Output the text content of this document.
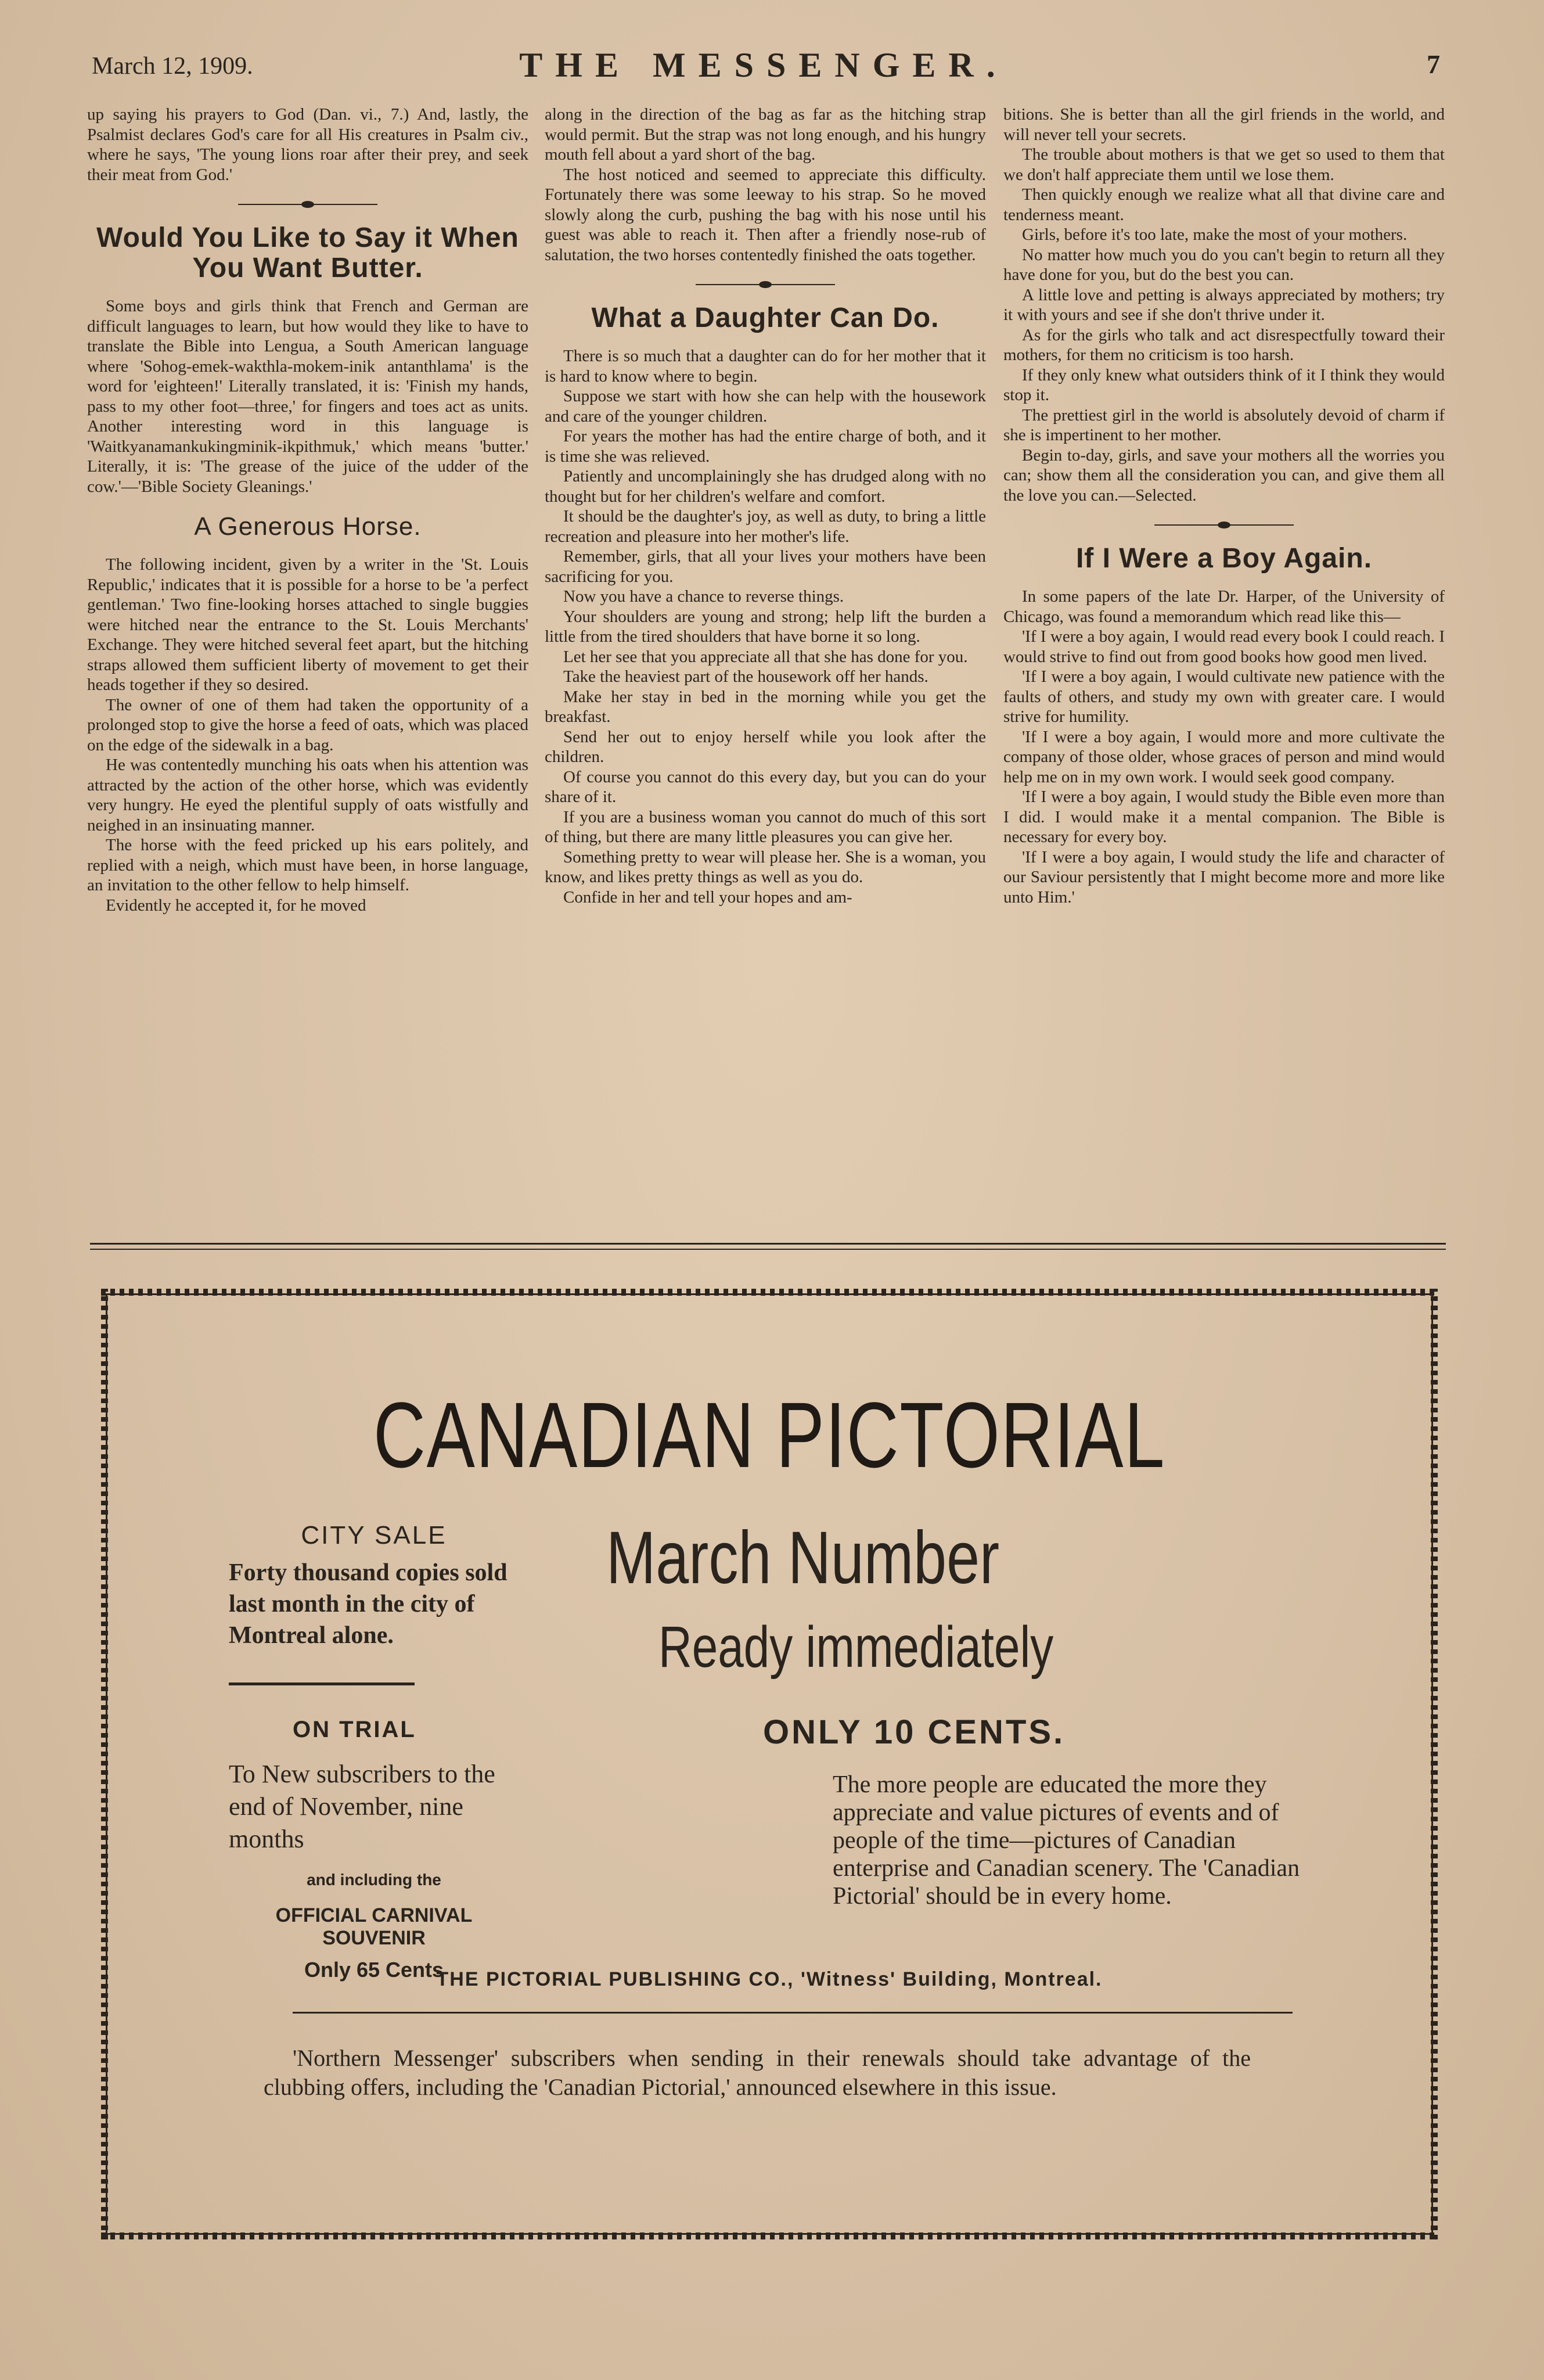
March 12, 1909.	THE MESSENGER.	7

up saying his prayers to God (Dan. vi., 7.) And, lastly, the Psalmist declares God's care for all His creatures in Psalm civ., where he says, 'The young lions roar after their prey, and seek their meat from God.'

Would You Like to Say it When You Want Butter.

Some boys and girls think that French and German are difficult languages to learn, but how would they like to have to translate the Bible into Lengua, a South American language where 'Sohog-emek-wakthla-mokem-inik antanthlama' is the word for 'eighteen!' Literally translated, it is: 'Finish my hands, pass to my other foot—three,' for fingers and toes act as units. Another interesting word in this language is 'Waitkyanamankukingminik-ikpithmuk,' which means 'butter.' Literally, it is: 'The grease of the juice of the udder of the cow.'—'Bible Society Gleanings.'

A Generous Horse.

The following incident, given by a writer in the 'St. Louis Republic,' indicates that it is possible for a horse to be 'a perfect gentleman.' Two fine-looking horses attached to single buggies were hitched near the entrance to the St. Louis Merchants' Exchange. They were hitched several feet apart, but the hitching straps allowed them sufficient liberty of movement to get their heads together if they so desired.

The owner of one of them had taken the opportunity of a prolonged stop to give the horse a feed of oats, which was placed on the edge of the sidewalk in a bag.

He was contentedly munching his oats when his attention was attracted by the action of the other horse, which was evidently very hungry. He eyed the plentiful supply of oats wistfully and neighed in an insinuating manner.

The horse with the feed pricked up his ears politely, and replied with a neigh, which must have been, in horse language, an invitation to the other fellow to help himself.

Evidently he accepted it, for he moved

along in the direction of the bag as far as the hitching strap would permit. But the strap was not long enough, and his hungry mouth fell about a yard short of the bag.

The host noticed and seemed to appreciate this difficulty. Fortunately there was some leeway to his strap. So he moved slowly along the curb, pushing the bag with his nose until his guest was able to reach it. Then after a friendly nose-rub of salutation, the two horses contentedly finished the oats together.

What a Daughter Can Do.

There is so much that a daughter can do for her mother that it is hard to know where to begin.

Suppose we start with how she can help with the housework and care of the younger children.

For years the mother has had the entire charge of both, and it is time she was relieved.

Patiently and uncomplainingly she has drudged along with no thought but for her children's welfare and comfort.

It should be the daughter's joy, as well as duty, to bring a little recreation and pleasure into her mother's life.

Remember, girls, that all your lives your mothers have been sacrificing for you.

Now you have a chance to reverse things.

Your shoulders are young and strong; help lift the burden a little from the tired shoulders that have borne it so long.

Let her see that you appreciate all that she has done for you.

Take the heaviest part of the housework off her hands.

Make her stay in bed in the morning while you get the breakfast.

Send her out to enjoy herself while you look after the children.

Of course you cannot do this every day, but you can do your share of it.

If you are a business woman you cannot do much of this sort of thing, but there are many little pleasures you can give her.

Something pretty to wear will please her. She is a woman, you know, and likes pretty things as well as you do.

Confide in her and tell your hopes and am-

bitions. She is better than all the girl friends in the world, and will never tell your secrets.

The trouble about mothers is that we get so used to them that we don't half appreciate them until we lose them.

Then quickly enough we realize what all that divine care and tenderness meant.

Girls, before it's too late, make the most of your mothers.

No matter how much you do you can't begin to return all they have done for you, but do the best you can.

A little love and petting is always appreciated by mothers; try it with yours and see if she don't thrive under it.

As for the girls who talk and act disrespectfully toward their mothers, for them no criticism is too harsh.

If they only knew what outsiders think of it I think they would stop it.

The prettiest girl in the world is absolutely devoid of charm if she is impertinent to her mother.

Begin to-day, girls, and save your mothers all the worries you can; show them all the consideration you can, and give them all the love you can.—Selected.

If I Were a Boy Again.

In some papers of the late Dr. Harper, of the University of Chicago, was found a memorandum which read like this—

'If I were a boy again, I would read every book I could reach. I would strive to find out from good books how good men lived.

'If I were a boy again, I would cultivate new patience with the faults of others, and study my own with greater care. I would strive for humility.

'If I were a boy again, I would more and more cultivate the company of those older, whose graces of person and mind would help me on in my own work. I would seek good company.

'If I were a boy again, I would study the Bible even more than I did. I would make it a mental companion. The Bible is necessary for every boy.

'If I were a boy again, I would study the life and character of our Saviour persistently that I might become more and more like unto Him.'

CANADIAN PICTORIAL
CITY SALE
Forty thousand copies sold last month in the city of Montreal alone.
ON TRIAL
To New subscribers to the end of November, nine months
and including the
OFFICIAL CARNIVAL SOUVENIR
Only 65 Cents
March Number
Ready immediately
ONLY 10 CENTS.
The more people are educated the more they appreciate and value pictures of events and of people of the time—pictures of Canadian enterprise and Canadian scenery. The 'Canadian Pictorial' should be in every home.
THE PICTORIAL PUBLISHING CO., 'Witness' Building, Montreal.
'Northern Messenger' subscribers when sending in their renewals should take advantage of the clubbing offers, including the 'Canadian Pictorial,' announced elsewhere in this issue.
